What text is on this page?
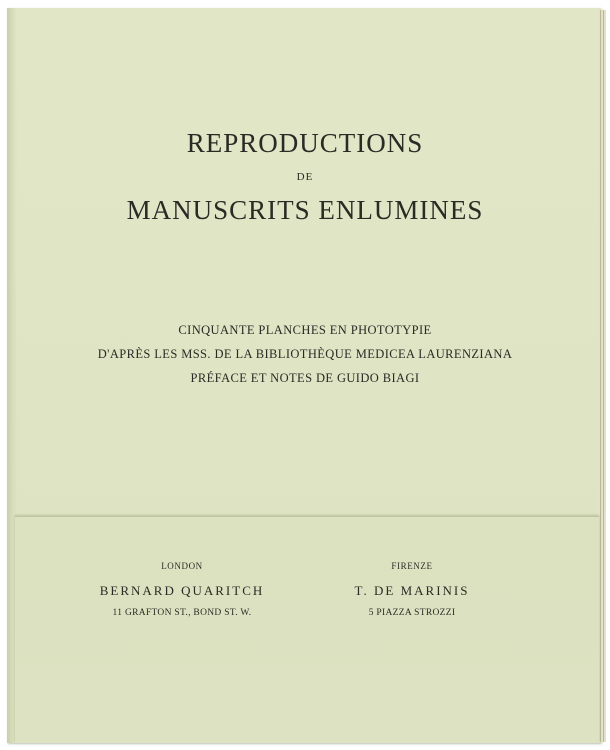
REPRODUCTIONS
DE
MANUSCRITS ENLUMINES
CINQUANTE PLANCHES EN PHOTOTYPIE
D'APRÈS LES MSS. DE LA BIBLIOTHÈQUE MEDICEA LAURENZIANA
PRÉFACE ET NOTES DE GUIDO BIAGI
LONDON
BERNARD QUARITCH
11 GRAFTON ST., BOND ST. W.
FIRENZE
T. DE MARINIS
5 PIAZZA STROZZI
